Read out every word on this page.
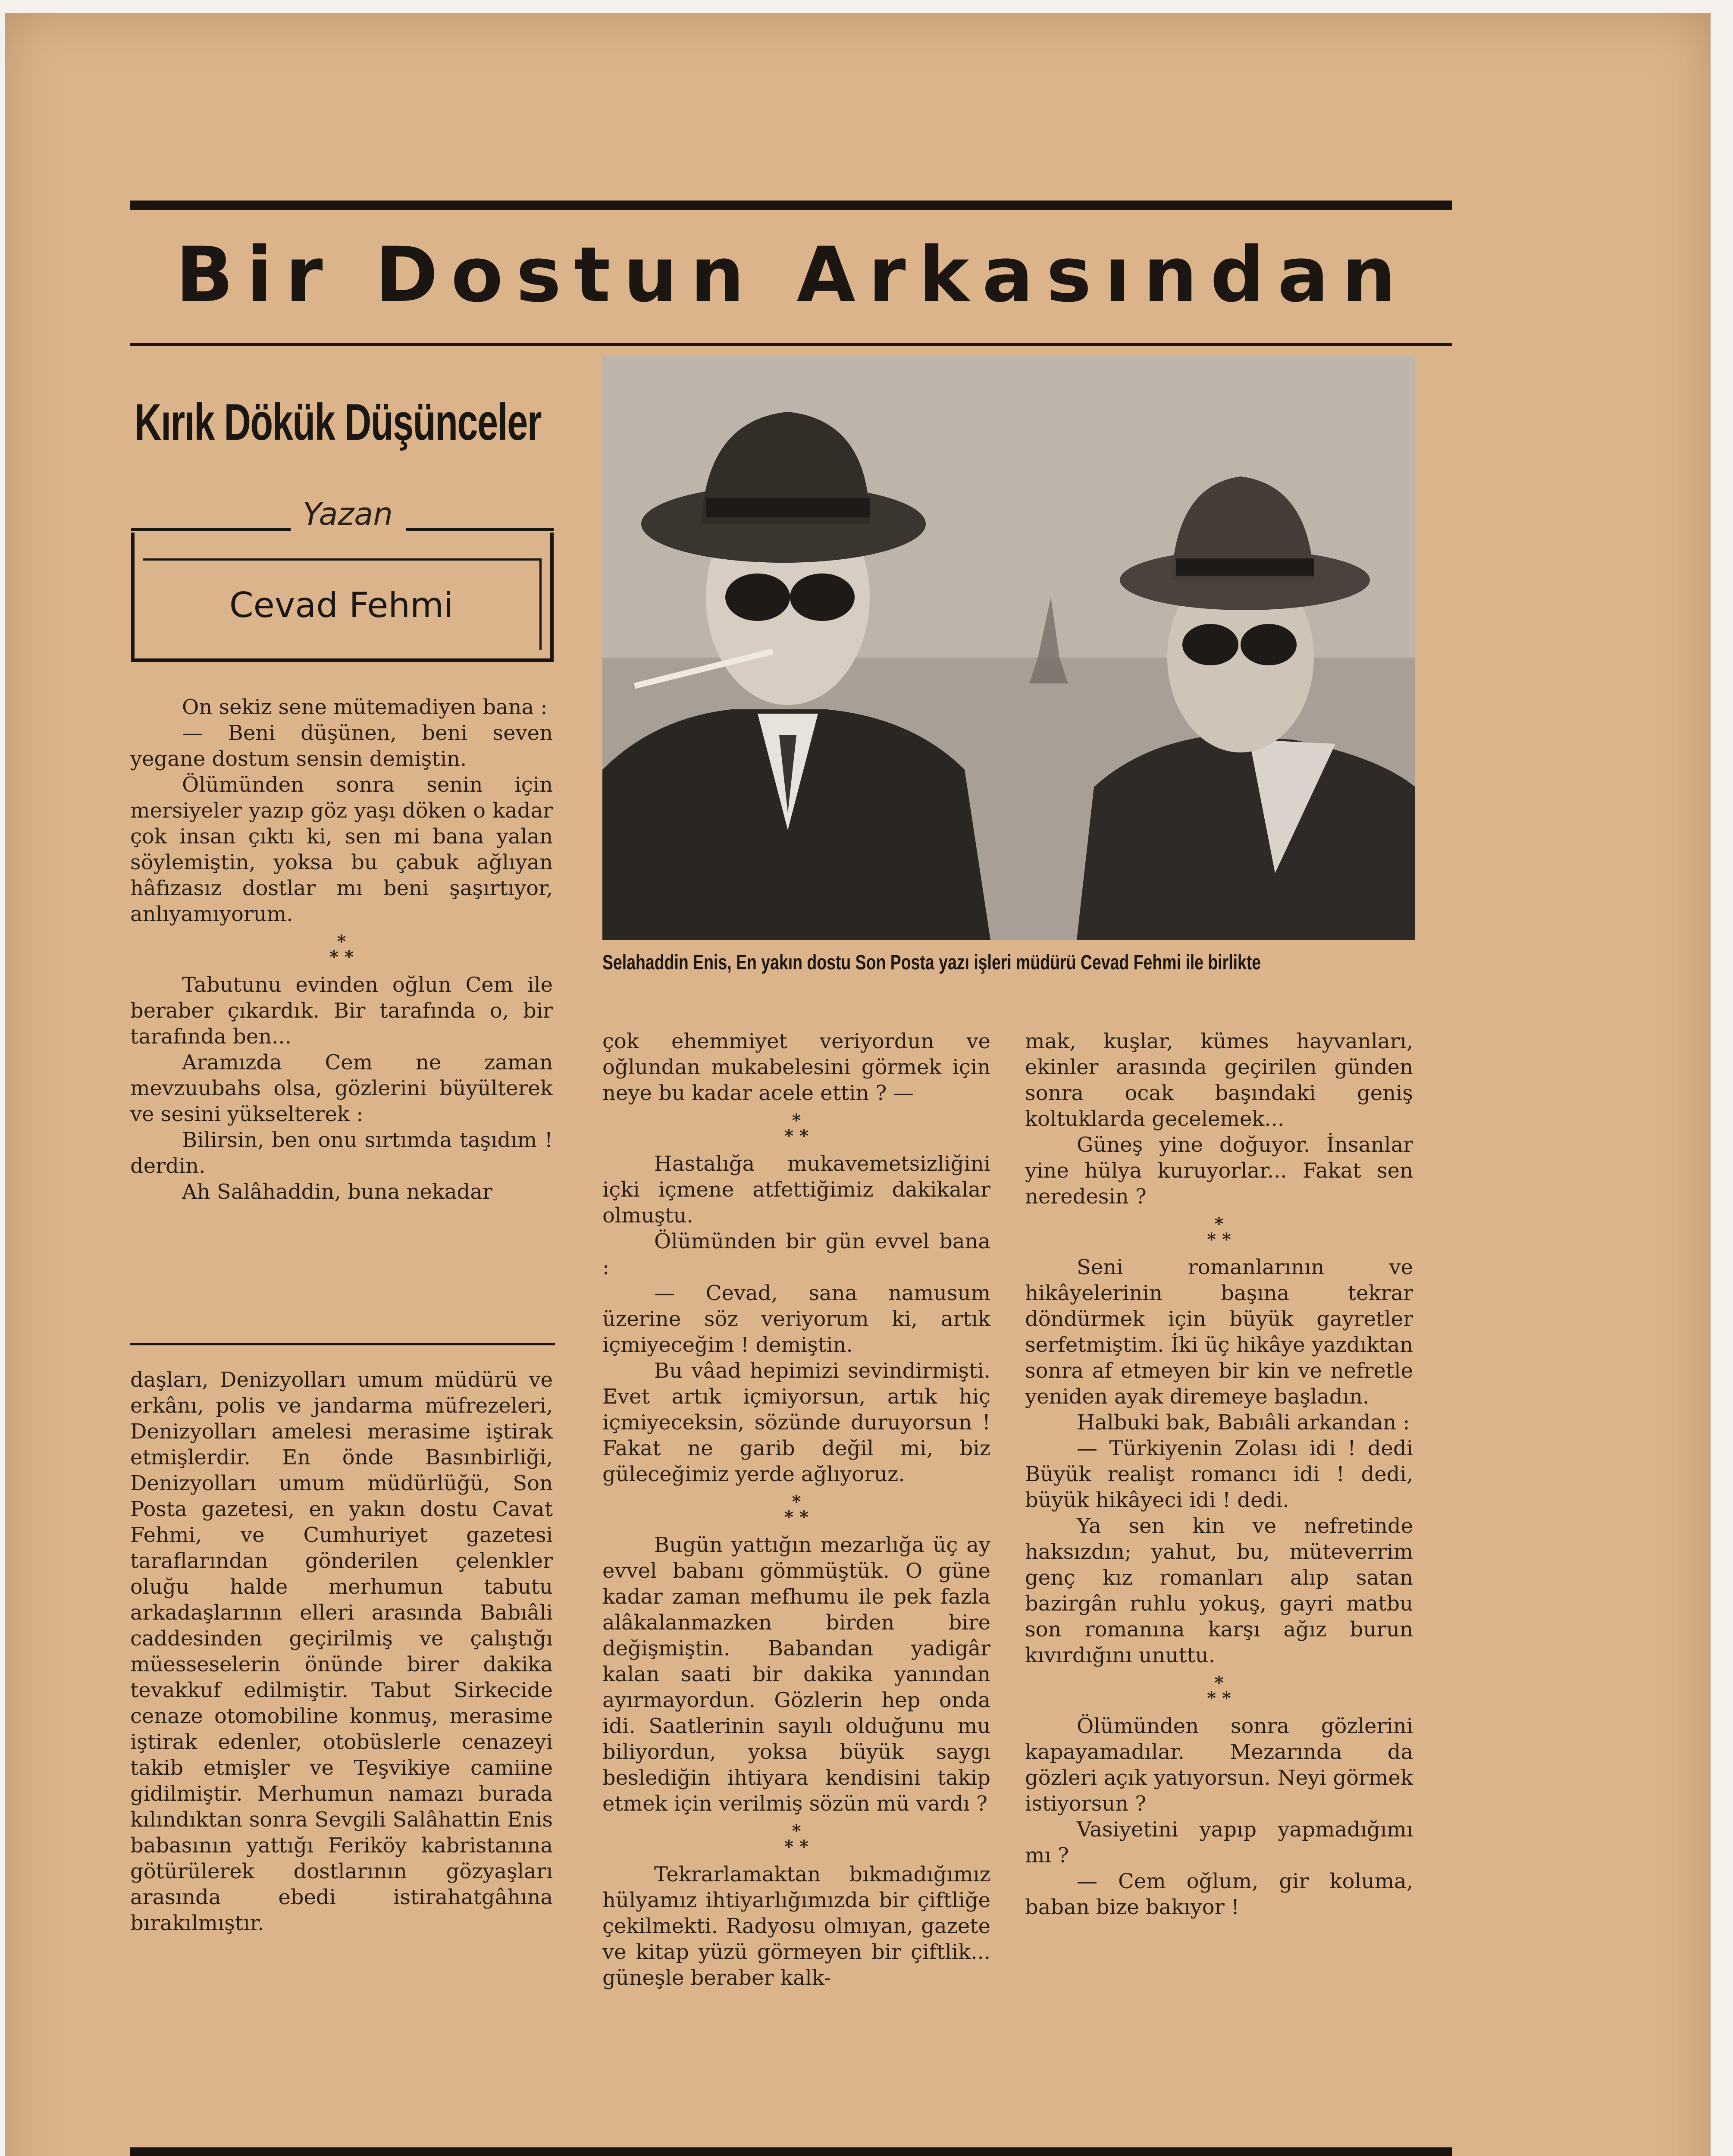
Bir Dostun Arkasından
Kırık Dökük Düşünceler
Yazan
Cevad Fehmi

On sekiz sene mütemadiyen bana :

— Beni düşünen, beni seven yegane dostum sensin demiştin.

Ölümünden sonra senin için mersiyeler yazıp göz yaşı döken o kadar çok insan çıktı ki, sen mi bana yalan söylemiştin, yoksa bu çabuk ağlıyan hâfızasız dostlar mı beni şaşırtıyor, anlıyamıyorum.

*
* *

Tabutunu evinden oğlun Cem ile beraber çıkardık. Bir tarafında o, bir tarafında ben...

Aramızda Cem ne zaman mevzuubahs olsa, gözlerini büyülterek ve sesini yükselterek :

Bilirsin, ben onu sırtımda taşıdım ! derdin.

Ah Salâhaddin, buna nekadar

daşları, Denizyolları umum müdürü ve erkânı, polis ve jandarma müfrezeleri, Denizyolları amelesi merasime iştirak etmişlerdir. En önde Basınbirliği, Denizyolları umum müdürlüğü, Son Posta gazetesi, en yakın dostu Cavat Fehmi, ve Cumhuriyet gazetesi taraflarından gönderilen çelenkler oluğu halde merhumun tabutu arkadaşlarının elleri arasında Babıâli caddesinden geçirilmiş ve çalıştığı müesseselerin önünde birer dakika tevakkuf edilmiştir. Tabut Sirkecide cenaze otomobiline konmuş, merasime iştirak edenler, otobüslerle cenazeyi takib etmişler ve Teşvikiye camiine gidilmiştir. Merhumun namazı burada kılındıktan sonra Sevgili Salâhattin Enis babasının yattığı Feriköy kabristanına götürülerek dostlarının gözyaşları arasında ebedi istirahatgâhına bırakılmıştır.

Selahaddin Enis, En yakın dostu Son Posta yazı işleri müdürü Cevad Fehmi ile birlikte

çok ehemmiyet veriyordun ve oğlundan mukabelesini görmek için neye bu kadar acele ettin ? —

*
* *

Hastalığa mukavemetsizliğini içki içmene atfettiğimiz dakikalar olmuştu.

Ölümünden bir gün evvel bana :

— Cevad, sana namusum üzerine söz veriyorum ki, artık içmiyeceğim ! demiştin.

Bu vâad hepimizi sevindirmişti. Evet artık içmiyorsun, artık hiç içmiyeceksin, sözünde duruyorsun ! Fakat ne garib değil mi, biz güleceğimiz yerde ağlıyoruz.

*
* *

Bugün yattığın mezarlığa üç ay evvel babanı gömmüştük. O güne kadar zaman mefhumu ile pek fazla alâkalanmazken birden bire değişmiştin. Babandan yadigâr kalan saati bir dakika yanından ayırmayordun. Gözlerin hep onda idi. Saatlerinin sayılı olduğunu mu biliyordun, yoksa büyük saygı beslediğin ihtiyara kendisini takip etmek için verilmiş sözün mü vardı ?

*
* *

Tekrarlamaktan bıkmadığımız hülyamız ihtiyarlığımızda bir çiftliğe çekilmekti. Radyosu olmıyan, gazete ve kitap yüzü görmeyen bir çiftlik... güneşle beraber kalk-

mak, kuşlar, kümes hayvanları, ekinler arasında geçirilen günden sonra ocak başındaki geniş koltuklarda gecelemek...

Güneş yine doğuyor. İnsanlar yine hülya kuruyorlar... Fakat sen neredesin ?

*
* *

Seni romanlarının ve hikâyelerinin başına tekrar döndürmek için büyük gayretler serfetmiştim. İki üç hikâye yazdıktan sonra af etmeyen bir kin ve nefretle yeniden ayak diremeye başladın.

Halbuki bak, Babıâli arkandan :

— Türkiyenin Zolası idi ! dedi Büyük realişt romancı idi ! dedi, büyük hikâyeci idi ! dedi.

Ya sen kin ve nefretinde haksızdın; yahut, bu, müteverrim genç kız romanları alıp satan bazirgân ruhlu yokuş, gayri matbu son romanına karşı ağız burun kıvırdığını unuttu.

*
* *

Ölümünden sonra gözlerini kapayamadılar. Mezarında da gözleri açık yatıyorsun. Neyi görmek istiyorsun ?

Vasiyetini yapıp yapmadığımı mı ?

— Cem oğlum, gir koluma, baban bize bakıyor !
